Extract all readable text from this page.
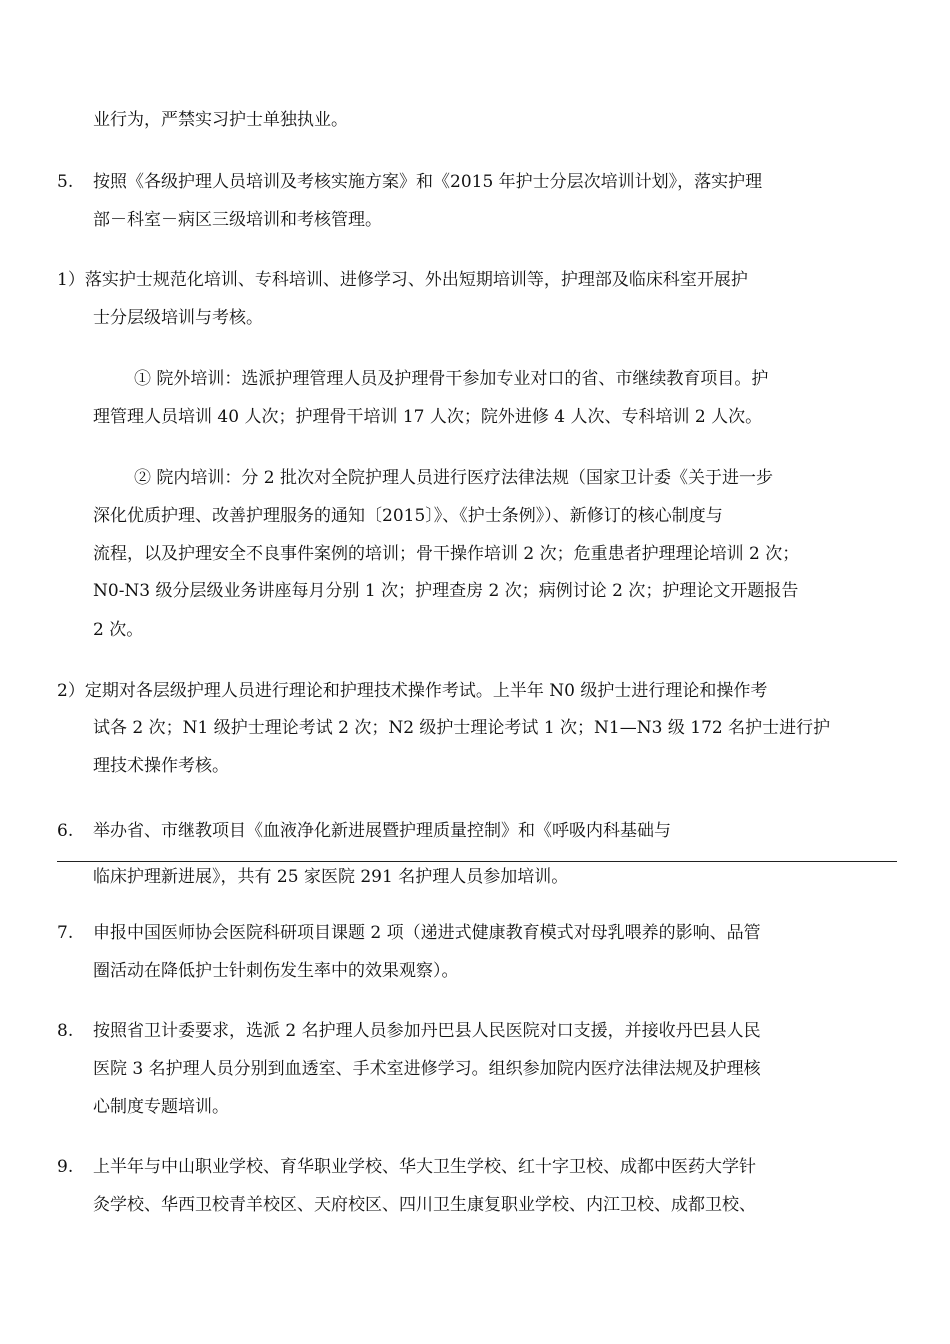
业行为，严禁实习护士单独执业。
5. 按照《各级护理人员培训及考核实施方案》和《2015 年护士分层次培训计划》，落实护理
部－科室－病区三级培训和考核管理。
1）落实护士规范化培训、专科培训、进修学习、外出短期培训等，护理部及临床科室开展护
士分层级培训与考核。
① 院外培训：选派护理管理人员及护理骨干参加专业对口的省、市继续教育项目。护
理管理人员培训 40 人次；护理骨干培训 17 人次；院外进修 4 人次、专科培训 2 人次。
② 院内培训：分 2 批次对全院护理人员进行医疗法律法规（国家卫计委《关于进一步
深化优质护理、改善护理服务的通知〔2015〕》、《护士条例》）、新修订的核心制度与
流程，以及护理安全不良事件案例的培训；骨干操作培训 2 次；危重患者护理理论培训 2 次；
N0-N3 级分层级业务讲座每月分别 1 次；护理查房 2 次；病例讨论 2 次；护理论文开题报告
2 次。
2）定期对各层级护理人员进行理论和护理技术操作考试。上半年 N0 级护士进行理论和操作考
试各 2 次；N1 级护士理论考试 2 次；N2 级护士理论考试 1 次；N1—N3 级 172 名护士进行护
理技术操作考核。
6. 举办省、市继教项目《血液净化新进展暨护理质量控制》和《呼吸内科基础与
临床护理新进展》，共有 25 家医院 291 名护理人员参加培训。
7. 申报中国医师协会医院科研项目课题 2 项（递进式健康教育模式对母乳喂养的影响、品管
圈活动在降低护士针刺伤发生率中的效果观察）。
8. 按照省卫计委要求，选派 2 名护理人员参加丹巴县人民医院对口支援，并接收丹巴县人民
医院 3 名护理人员分别到血透室、手术室进修学习。组织参加院内医疗法律法规及护理核
心制度专题培训。
9. 上半年与中山职业学校、育华职业学校、华大卫生学校、红十字卫校、成都中医药大学针
灸学校、华西卫校青羊校区、天府校区、四川卫生康复职业学校、内江卫校、成都卫校、
